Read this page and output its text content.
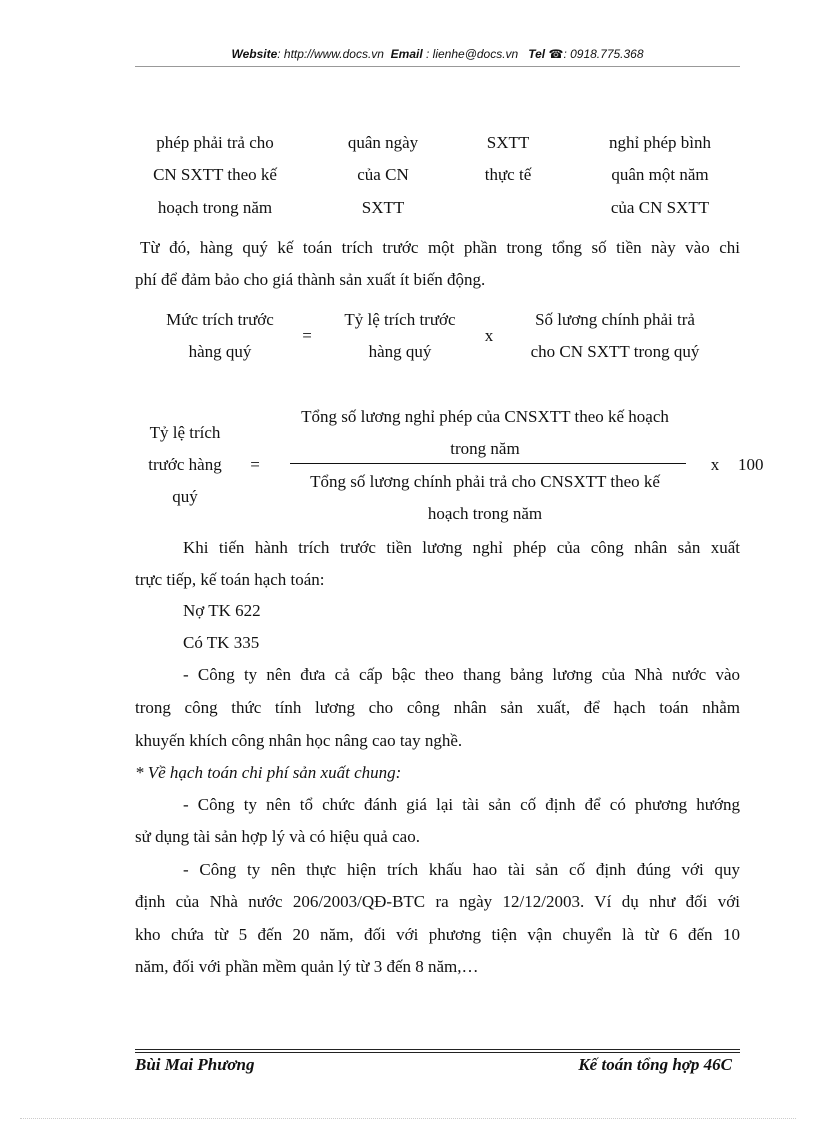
Website: http://www.docs.vn Email : lienhe@docs.vn Tel ☎: 0918.775.368
phép phải trả cho
CN SXTT theo kế
hoạch trong năm
quân ngày
của CN
SXTT
SXTT
thực tế
nghỉ phép bình
quân một năm
của CN SXTT
Từ đó, hàng quý kế toán trích trước một phần trong tổng số tiền này vào chi
phí để đảm bảo cho giá thành sản xuất ít biến động.
Mức trích trước
hàng quý
=
Tỷ lệ trích trước
hàng quý
x
Số lương chính phải trả
cho CN SXTT trong quý
Tỷ lệ trích
trước hàng
quý
=
Tổng số lương nghỉ phép của CNSXTT theo kế hoạch
trong năm
Tổng số lương chính phải trả cho CNSXTT theo kế
hoạch trong năm
x	100
Khi tiến hành trích trước tiền lương nghỉ phép của công nhân sản xuất
trực tiếp, kế toán hạch toán:
Nợ TK 622
Có TK 335
- Công ty nên đưa cả cấp bậc theo thang bảng lương của Nhà nước vào
trong công thức tính lương cho công nhân sản xuất, để hạch toán nhằm
khuyến khích công nhân học nâng cao tay nghề.
* Về hạch toán chi phí sản xuất chung:
- Công ty nên tổ chức đánh giá lại tài sản cố định để có phương hướng
sử dụng tài sản hợp lý và có hiệu quả cao.
- Công ty nên thực hiện trích khấu hao tài sản cố định đúng với quy
định của Nhà nước 206/2003/QĐ-BTC ra ngày 12/12/2003. Ví dụ như đối với
kho chứa từ 5 đến 20 năm, đối với phương tiện vận chuyển là từ 6 đến 10
năm, đối với phần mềm quản lý từ 3 đến 8 năm,…
Bùi Mai Phương	Kế toán tổng hợp 46C
